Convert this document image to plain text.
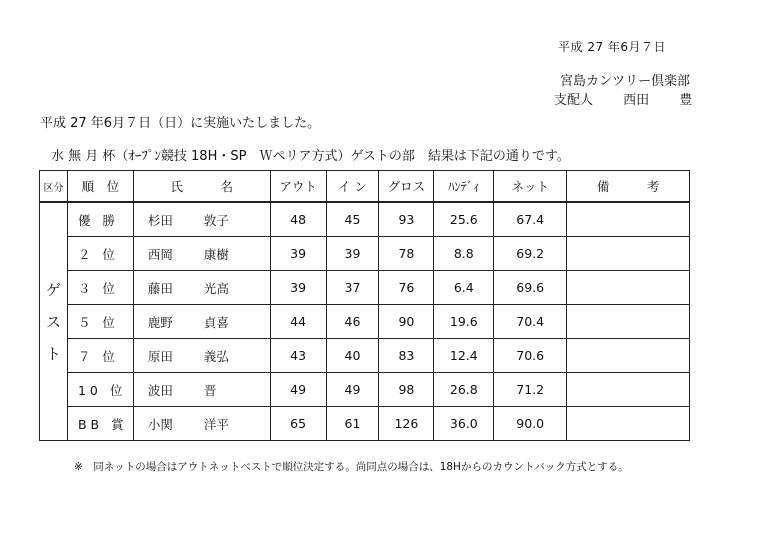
平成 27 年6月７日
宮島カンツリー倶楽部
支配人 西田 豊
平成 27 年6月７日（日）に実施いたしました。
水 無 月 杯（ｵｰﾌﾟﾝ競技 18H・SP　Ｗペリア方式）ゲストの部　結果は下記の通りです。
区分	順　位	氏　　　名	アウト	イ ン	グロス	ﾊﾝﾃﾞｨ	ネット	備　　　考

ゲ
ス
ト	優 勝	杉田 敦子	48	45	93	25.6	67.4	
	２ 位	西岡 康樹	39	39	78	8.8	69.2	
	３ 位	藤田 光高	39	37	76	6.4	69.6	
	５ 位	鹿野 貞喜	44	46	90	19.6	70.4	
	７ 位	原田 義弘	43	40	83	12.4	70.6	
	10 位	波田 晋	49	49	98	26.8	71.2	
	BB 賞	小関 洋平	65	61	126	36.0	90.0	
※　同ネットの場合はアウトネットベストで順位決定する。尚同点の場合は、18Hからのカウントバック方式とする。
